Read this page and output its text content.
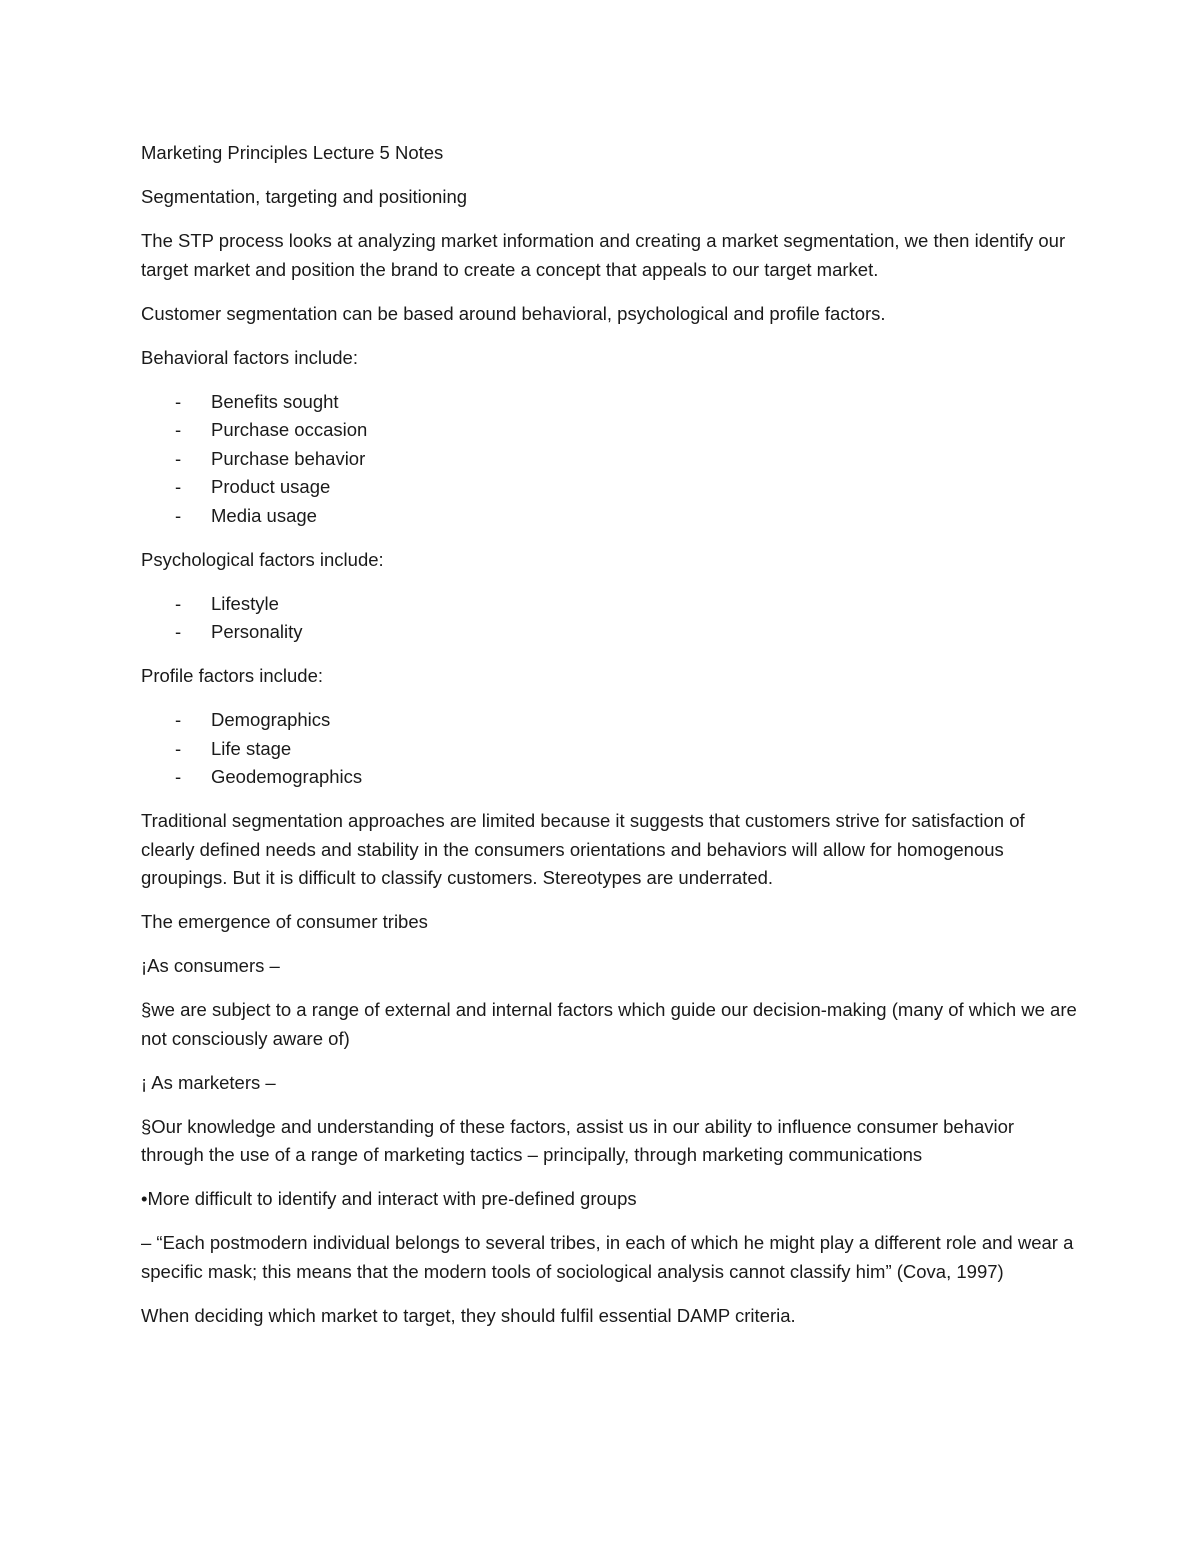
Marketing Principles Lecture 5 Notes

Segmentation, targeting and positioning

The STP process looks at analyzing market information and creating a market segmentation, we then identify our target market and position the brand to create a concept that appeals to our target market.

Customer segmentation can be based around behavioral, psychological and profile factors.

Behavioral factors include:

- Benefits sought
- Purchase occasion
- Purchase behavior
- Product usage
- Media usage

Psychological factors include:

- Lifestyle
- Personality

Profile factors include:

- Demographics
- Life stage
- Geodemographics

Traditional segmentation approaches are limited because it suggests that customers strive for satisfaction of clearly defined needs and stability in the consumers orientations and behaviors will allow for homogenous groupings. But it is difficult to classify customers. Stereotypes are underrated.

The emergence of consumer tribes

¡As consumers –

§we are subject to a range of external and internal factors which guide our decision-making (many of which we are not consciously aware of)

¡ As marketers –

§Our knowledge and understanding of these factors, assist us in our ability to influence consumer behavior through the use of a range of marketing tactics – principally, through marketing communications

•More difficult to identify and interact with pre-defined groups

– “Each postmodern individual belongs to several tribes, in each of which he might play a different role and wear a specific mask; this means that the modern tools of sociological analysis cannot classify him” (Cova, 1997)

When deciding which market to target, they should fulfil essential DAMP criteria.
